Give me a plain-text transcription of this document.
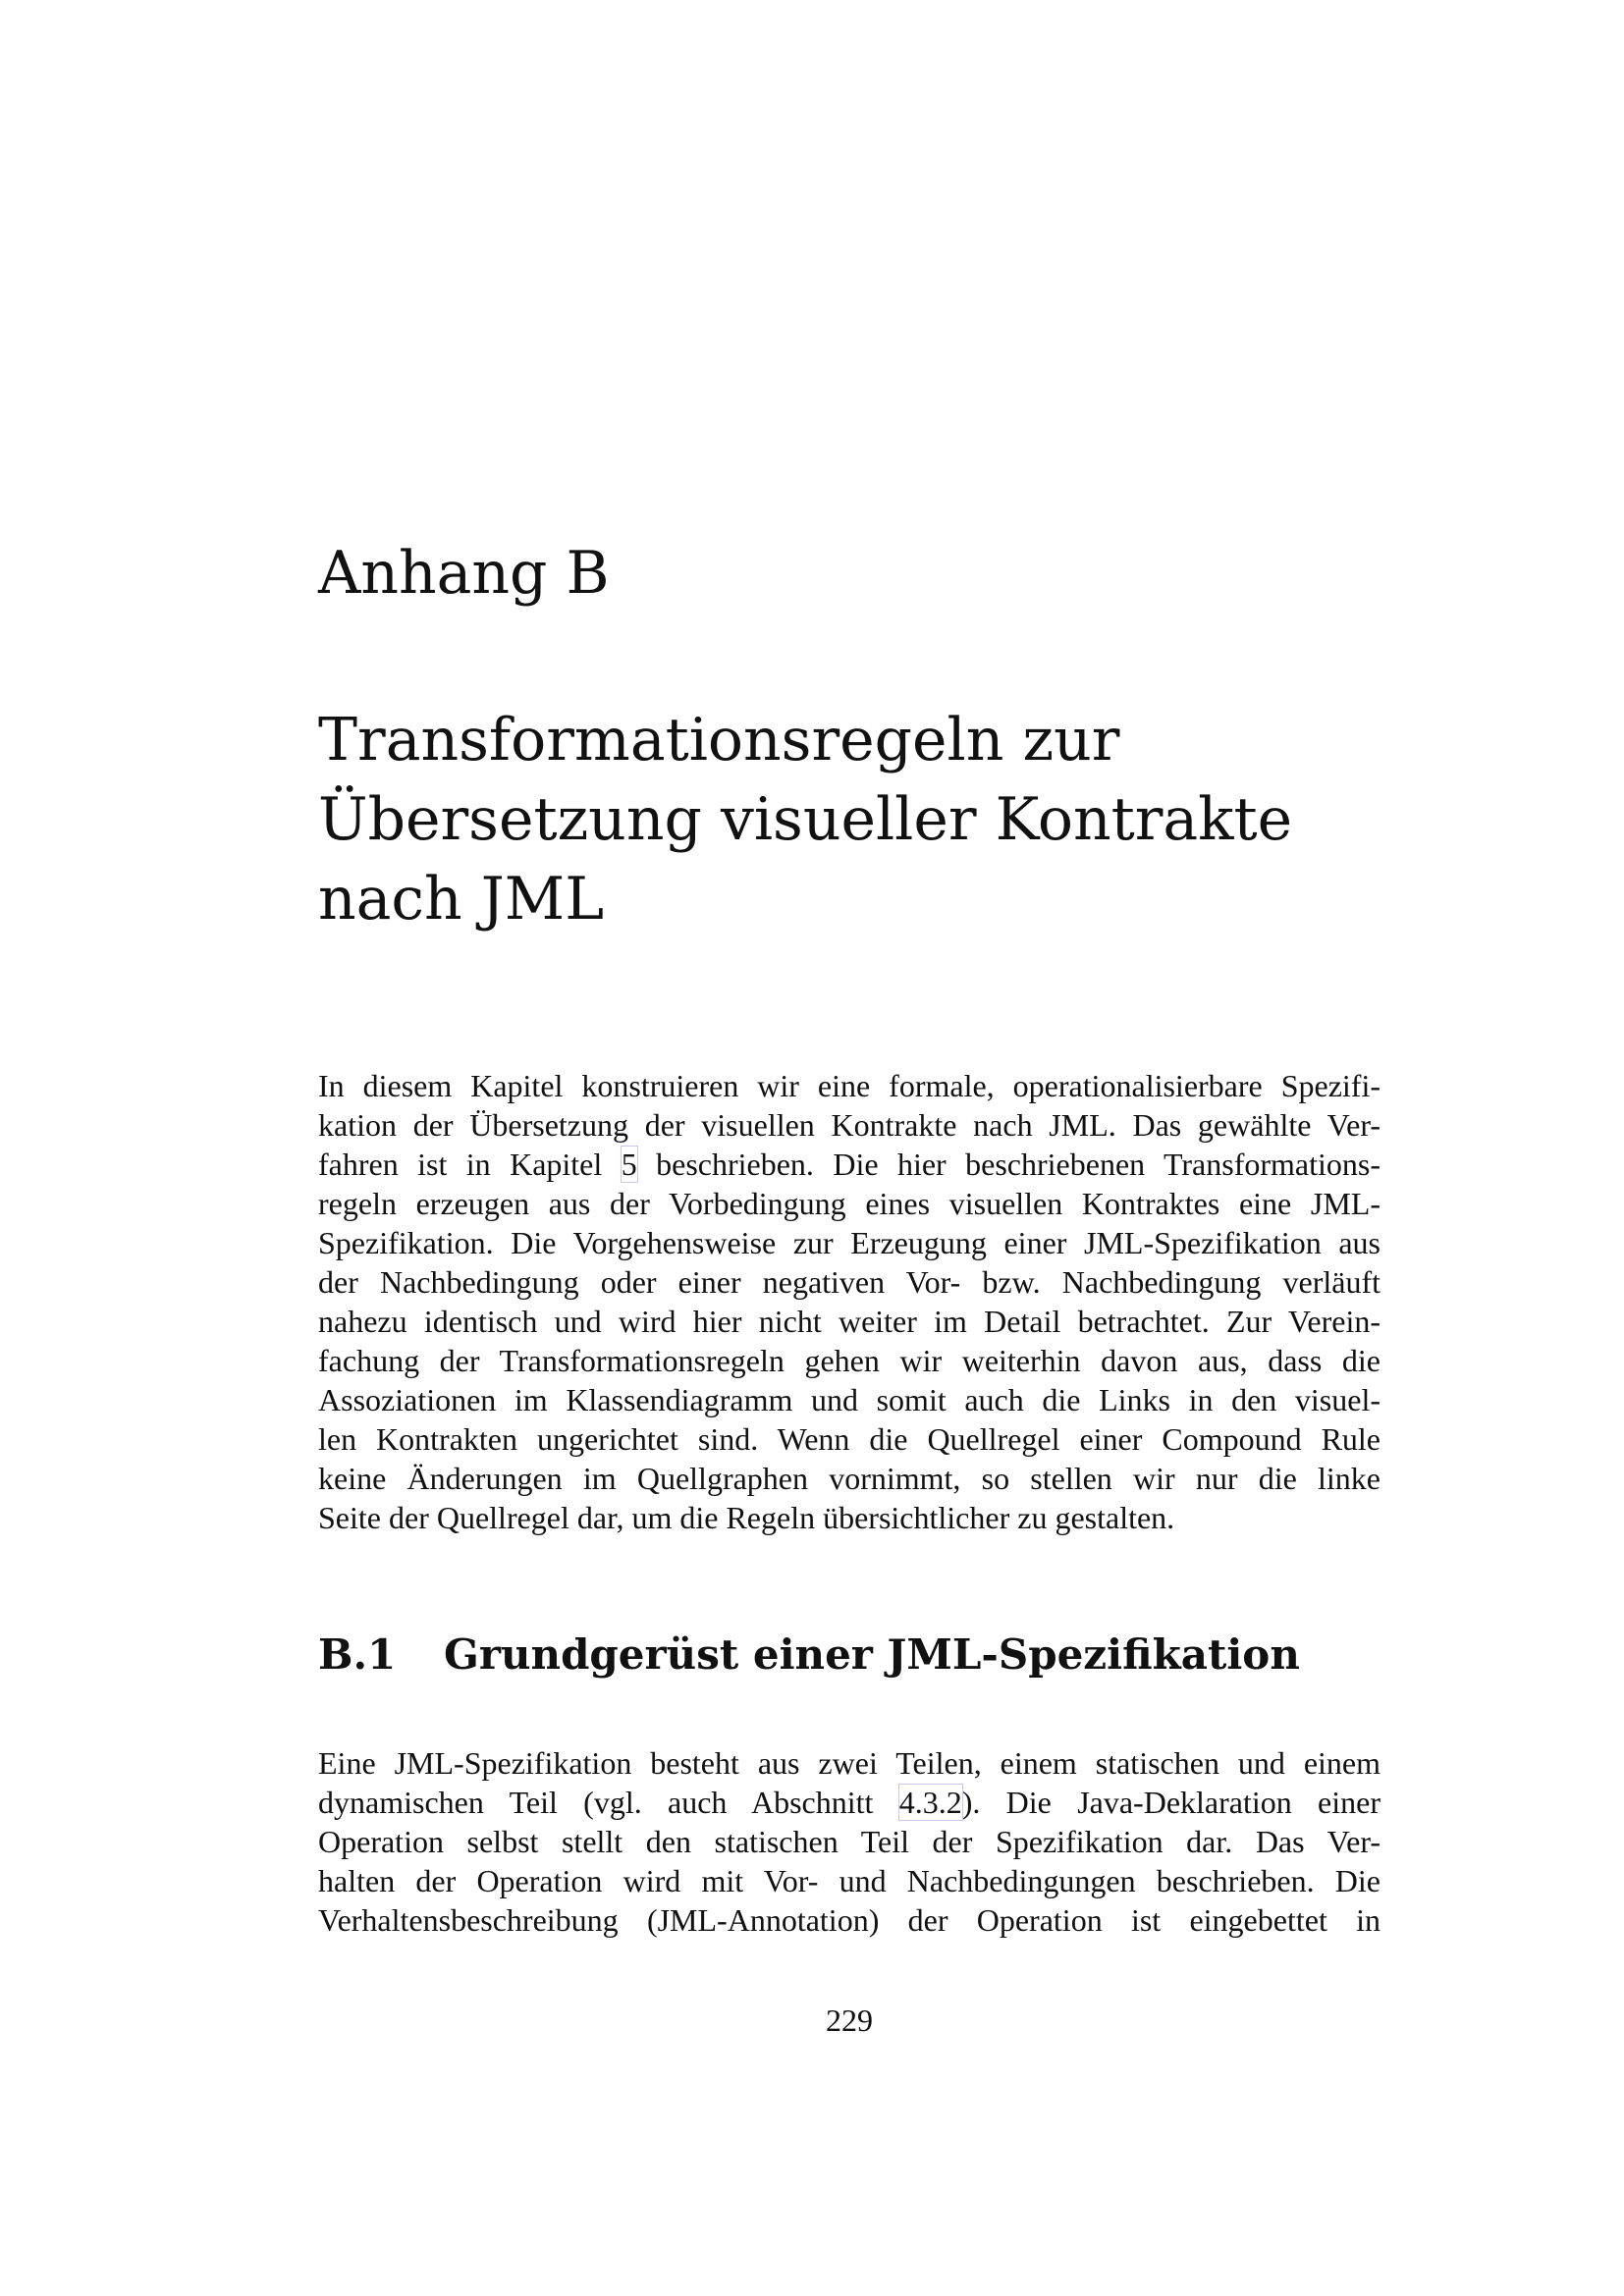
Anhang B
Transformationsregeln zur
Übersetzung visueller Kontrakte
nach JML
In diesem Kapitel konstruieren wir eine formale, operationalisierbare Spezifi-
kation der Übersetzung der visuellen Kontrakte nach JML. Das gewählte Ver-
fahren ist in Kapitel 5 beschrieben. Die hier beschriebenen Transformations-
regeln erzeugen aus der Vorbedingung eines visuellen Kontraktes eine JML-
Spezifikation. Die Vorgehensweise zur Erzeugung einer JML-Spezifikation aus
der Nachbedingung oder einer negativen Vor- bzw. Nachbedingung verläuft
nahezu identisch und wird hier nicht weiter im Detail betrachtet. Zur Verein-
fachung der Transformationsregeln gehen wir weiterhin davon aus, dass die
Assoziationen im Klassendiagramm und somit auch die Links in den visuel-
len Kontrakten ungerichtet sind. Wenn die Quellregel einer Compound Rule
keine Änderungen im Quellgraphen vornimmt, so stellen wir nur die linke
Seite der Quellregel dar, um die Regeln übersichtlicher zu gestalten.
B.1 Grundgerüst einer JML-Spezifikation
Eine JML-Spezifikation besteht aus zwei Teilen, einem statischen und einem
dynamischen Teil (vgl. auch Abschnitt 4.3.2). Die Java-Deklaration einer
Operation selbst stellt den statischen Teil der Spezifikation dar. Das Ver-
halten der Operation wird mit Vor- und Nachbedingungen beschrieben. Die
Verhaltensbeschreibung (JML-Annotation) der Operation ist eingebettet in
229
